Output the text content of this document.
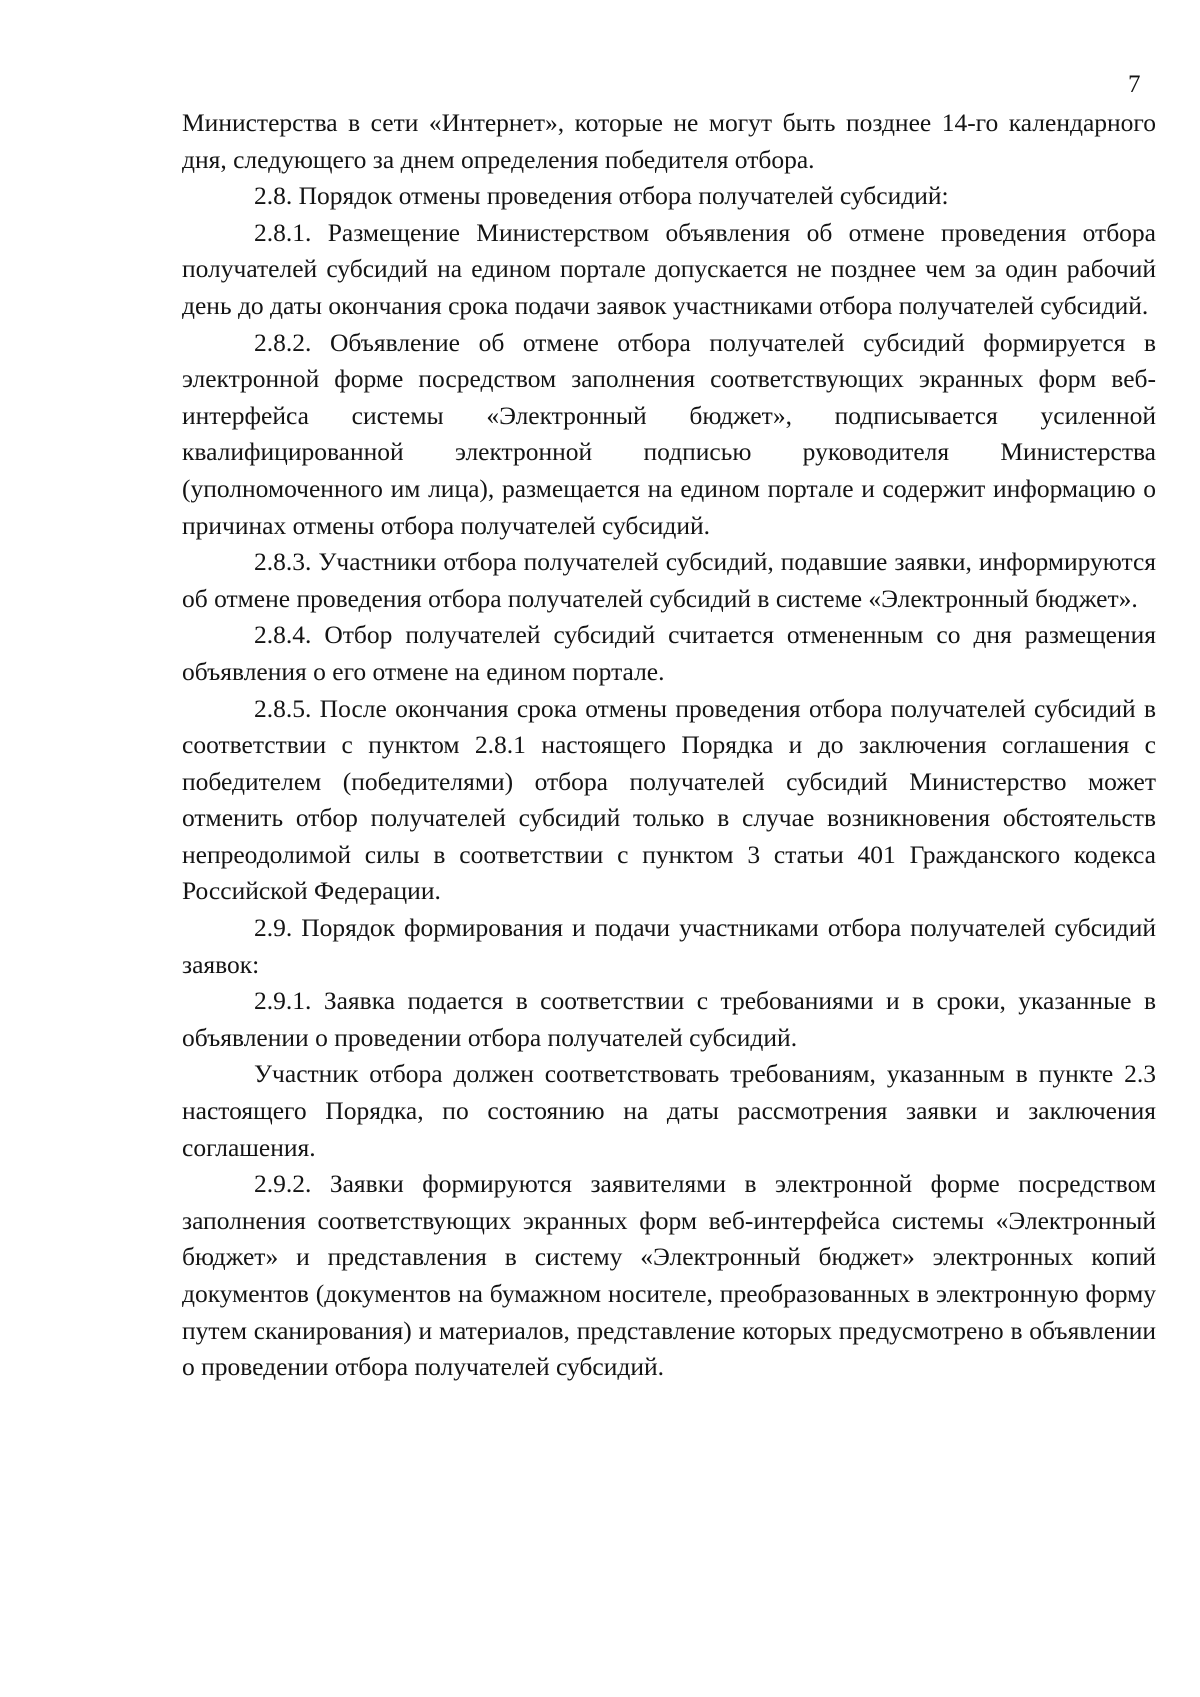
7

Министерства в сети «Интернет», которые не могут быть позднее 14-го календарного дня, следующего за днем определения победителя отбора.

2.8. Порядок отмены проведения отбора получателей субсидий:

2.8.1. Размещение Министерством объявления об отмене проведения отбора получателей субсидий на едином портале допускается не позднее чем за один рабочий день до даты окончания срока подачи заявок участниками отбора получателей субсидий.

2.8.2. Объявление об отмене отбора получателей субсидий формируется в электронной форме посредством заполнения соответствующих экранных форм веб-интерфейса системы «Электронный бюджет», подписывается усиленной квалифицированной электронной подписью руководителя Министерства (уполномоченного им лица), размещается на едином портале и содержит информацию о причинах отмены отбора получателей субсидий.

2.8.3. Участники отбора получателей субсидий, подавшие заявки, информируются об отмене проведения отбора получателей субсидий в системе «Электронный бюджет».

2.8.4. Отбор получателей субсидий считается отмененным со дня размещения объявления о его отмене на едином портале.

2.8.5. После окончания срока отмены проведения отбора получателей субсидий в соответствии с пунктом 2.8.1 настоящего Порядка и до заключения соглашения с победителем (победителями) отбора получателей субсидий Министерство может отменить отбор получателей субсидий только в случае возникновения обстоятельств непреодолимой силы в соответствии с пунктом 3 статьи 401 Гражданского кодекса Российской Федерации.

2.9. Порядок формирования и подачи участниками отбора получателей субсидий заявок:

2.9.1. Заявка подается в соответствии с требованиями и в сроки, указанные в объявлении о проведении отбора получателей субсидий.

Участник отбора должен соответствовать требованиям, указанным в пункте 2.3 настоящего Порядка, по состоянию на даты рассмотрения заявки и заключения соглашения.

2.9.2. Заявки формируются заявителями в электронной форме посредством заполнения соответствующих экранных форм веб-интерфейса системы «Электронный бюджет» и представления в систему «Электронный бюджет» электронных копий документов (документов на бумажном носителе, преобразованных в электронную форму путем сканирования) и материалов, представление которых предусмотрено в объявлении о проведении отбора получателей субсидий.
